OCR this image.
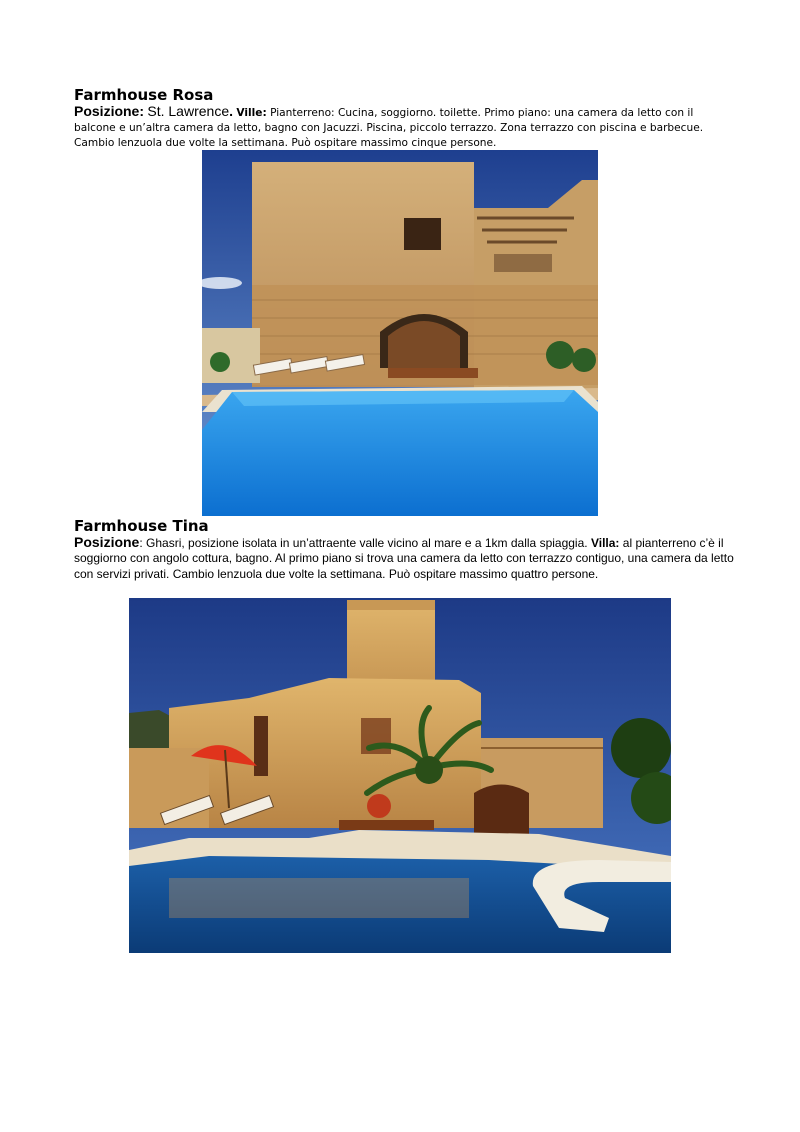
Farmhouse Rosa
Posizione: St. Lawrence. Ville: Pianterreno: Cucina, soggiorno. toilette. Primo piano: una camera da letto con il balcone e un’altra camera da letto, bagno con Jacuzzi. Piscina, piccolo terrazzo. Zona terrazzo con piscina e barbecue. Cambio lenzuola due volte la settimana. Può ospitare massimo cinque persone.
Farmhouse Tina
Posizione: Ghasri, posizione isolata in un’attraente valle vicino al mare e a 1km dalla spiaggia. Villa: al pianterreno c’è il soggiorno con angolo cottura, bagno. Al primo piano si trova una camera da letto con terrazzo contiguo, una camera da letto con servizi privati. Cambio lenzuola due volte la settimana. Può ospitare massimo quattro persone.
